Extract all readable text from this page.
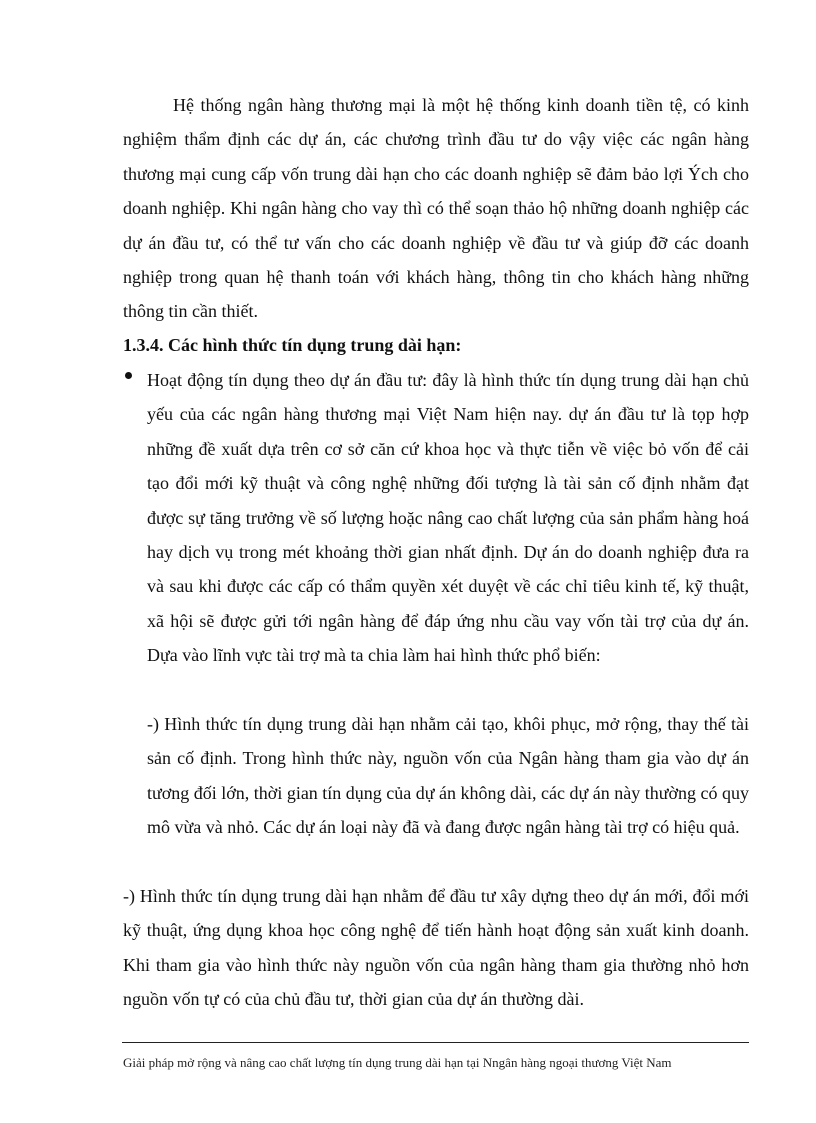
Hệ thống ngân hàng thương mại là một hệ thống kinh doanh tiền tệ, có kinh nghiệm thẩm định các dự án, các chương trình đầu tư do vậy việc các ngân hàng thương mại cung cấp vốn trung dài hạn cho các doanh nghiệp sẽ đảm bảo lợi Ých cho doanh nghiệp. Khi ngân hàng cho vay thì có thể soạn thảo hộ những doanh nghiệp các dự án đầu tư, có thể tư vấn cho các doanh nghiệp về đầu tư và giúp đỡ các doanh nghiệp trong quan hệ thanh toán với khách hàng, thông tin cho khách hàng những thông tin cần thiết.

1.3.4. Các hình thức tín dụng trung dài hạn:

Hoạt động tín dụng theo dự án đầu tư: đây là hình thức tín dụng trung dài hạn chủ yếu của các ngân hàng thương mại Việt Nam hiện nay. dự án đầu tư là tọp hợp những đề xuất dựa trên cơ sở căn cứ khoa học và thực tiễn về việc bỏ vốn để cải tạo đổi mới kỹ thuật và công nghệ những đối tượng là tài sản cố định nhằm đạt được sự tăng trưởng về số lượng hoặc nâng cao chất lượng của sản phẩm hàng hoá hay dịch vụ trong mét khoảng thời gian nhất định. Dự án do doanh nghiệp đưa ra và sau khi được các cấp có thẩm quyền xét duyệt về các chỉ tiêu kinh tế, kỹ thuật, xã hội sẽ được gửi tới ngân hàng để đáp ứng nhu cầu vay vốn tài trợ của dự án. Dựa vào lĩnh vực tài trợ mà ta chia làm hai hình thức phổ biến:

-) Hình thức tín dụng trung dài hạn nhằm cải tạo, khôi phục, mở rộng, thay thế tài sản cố định. Trong hình thức này, nguồn vốn của Ngân hàng tham gia vào dự án tương đối lớn, thời gian tín dụng của dự án không dài, các dự án này thường có quy mô vừa và nhỏ. Các dự án loại này đã và đang được ngân hàng tài trợ có hiệu quả.

-) Hình thức tín dụng trung dài hạn nhằm để đầu tư xây dựng theo dự án mới, đổi mới kỹ thuật, ứng dụng khoa học công nghệ để tiến hành hoạt động sản xuất kinh doanh. Khi tham gia vào hình thức này nguồn vốn của ngân hàng tham gia thường nhỏ hơn nguồn vốn tự có của chủ đầu tư, thời gian của dự án thường dài.

Giải pháp mở rộng và nâng cao chất lượng tín dụng trung dài hạn tại Nngân hàng ngoại thương Việt Nam
